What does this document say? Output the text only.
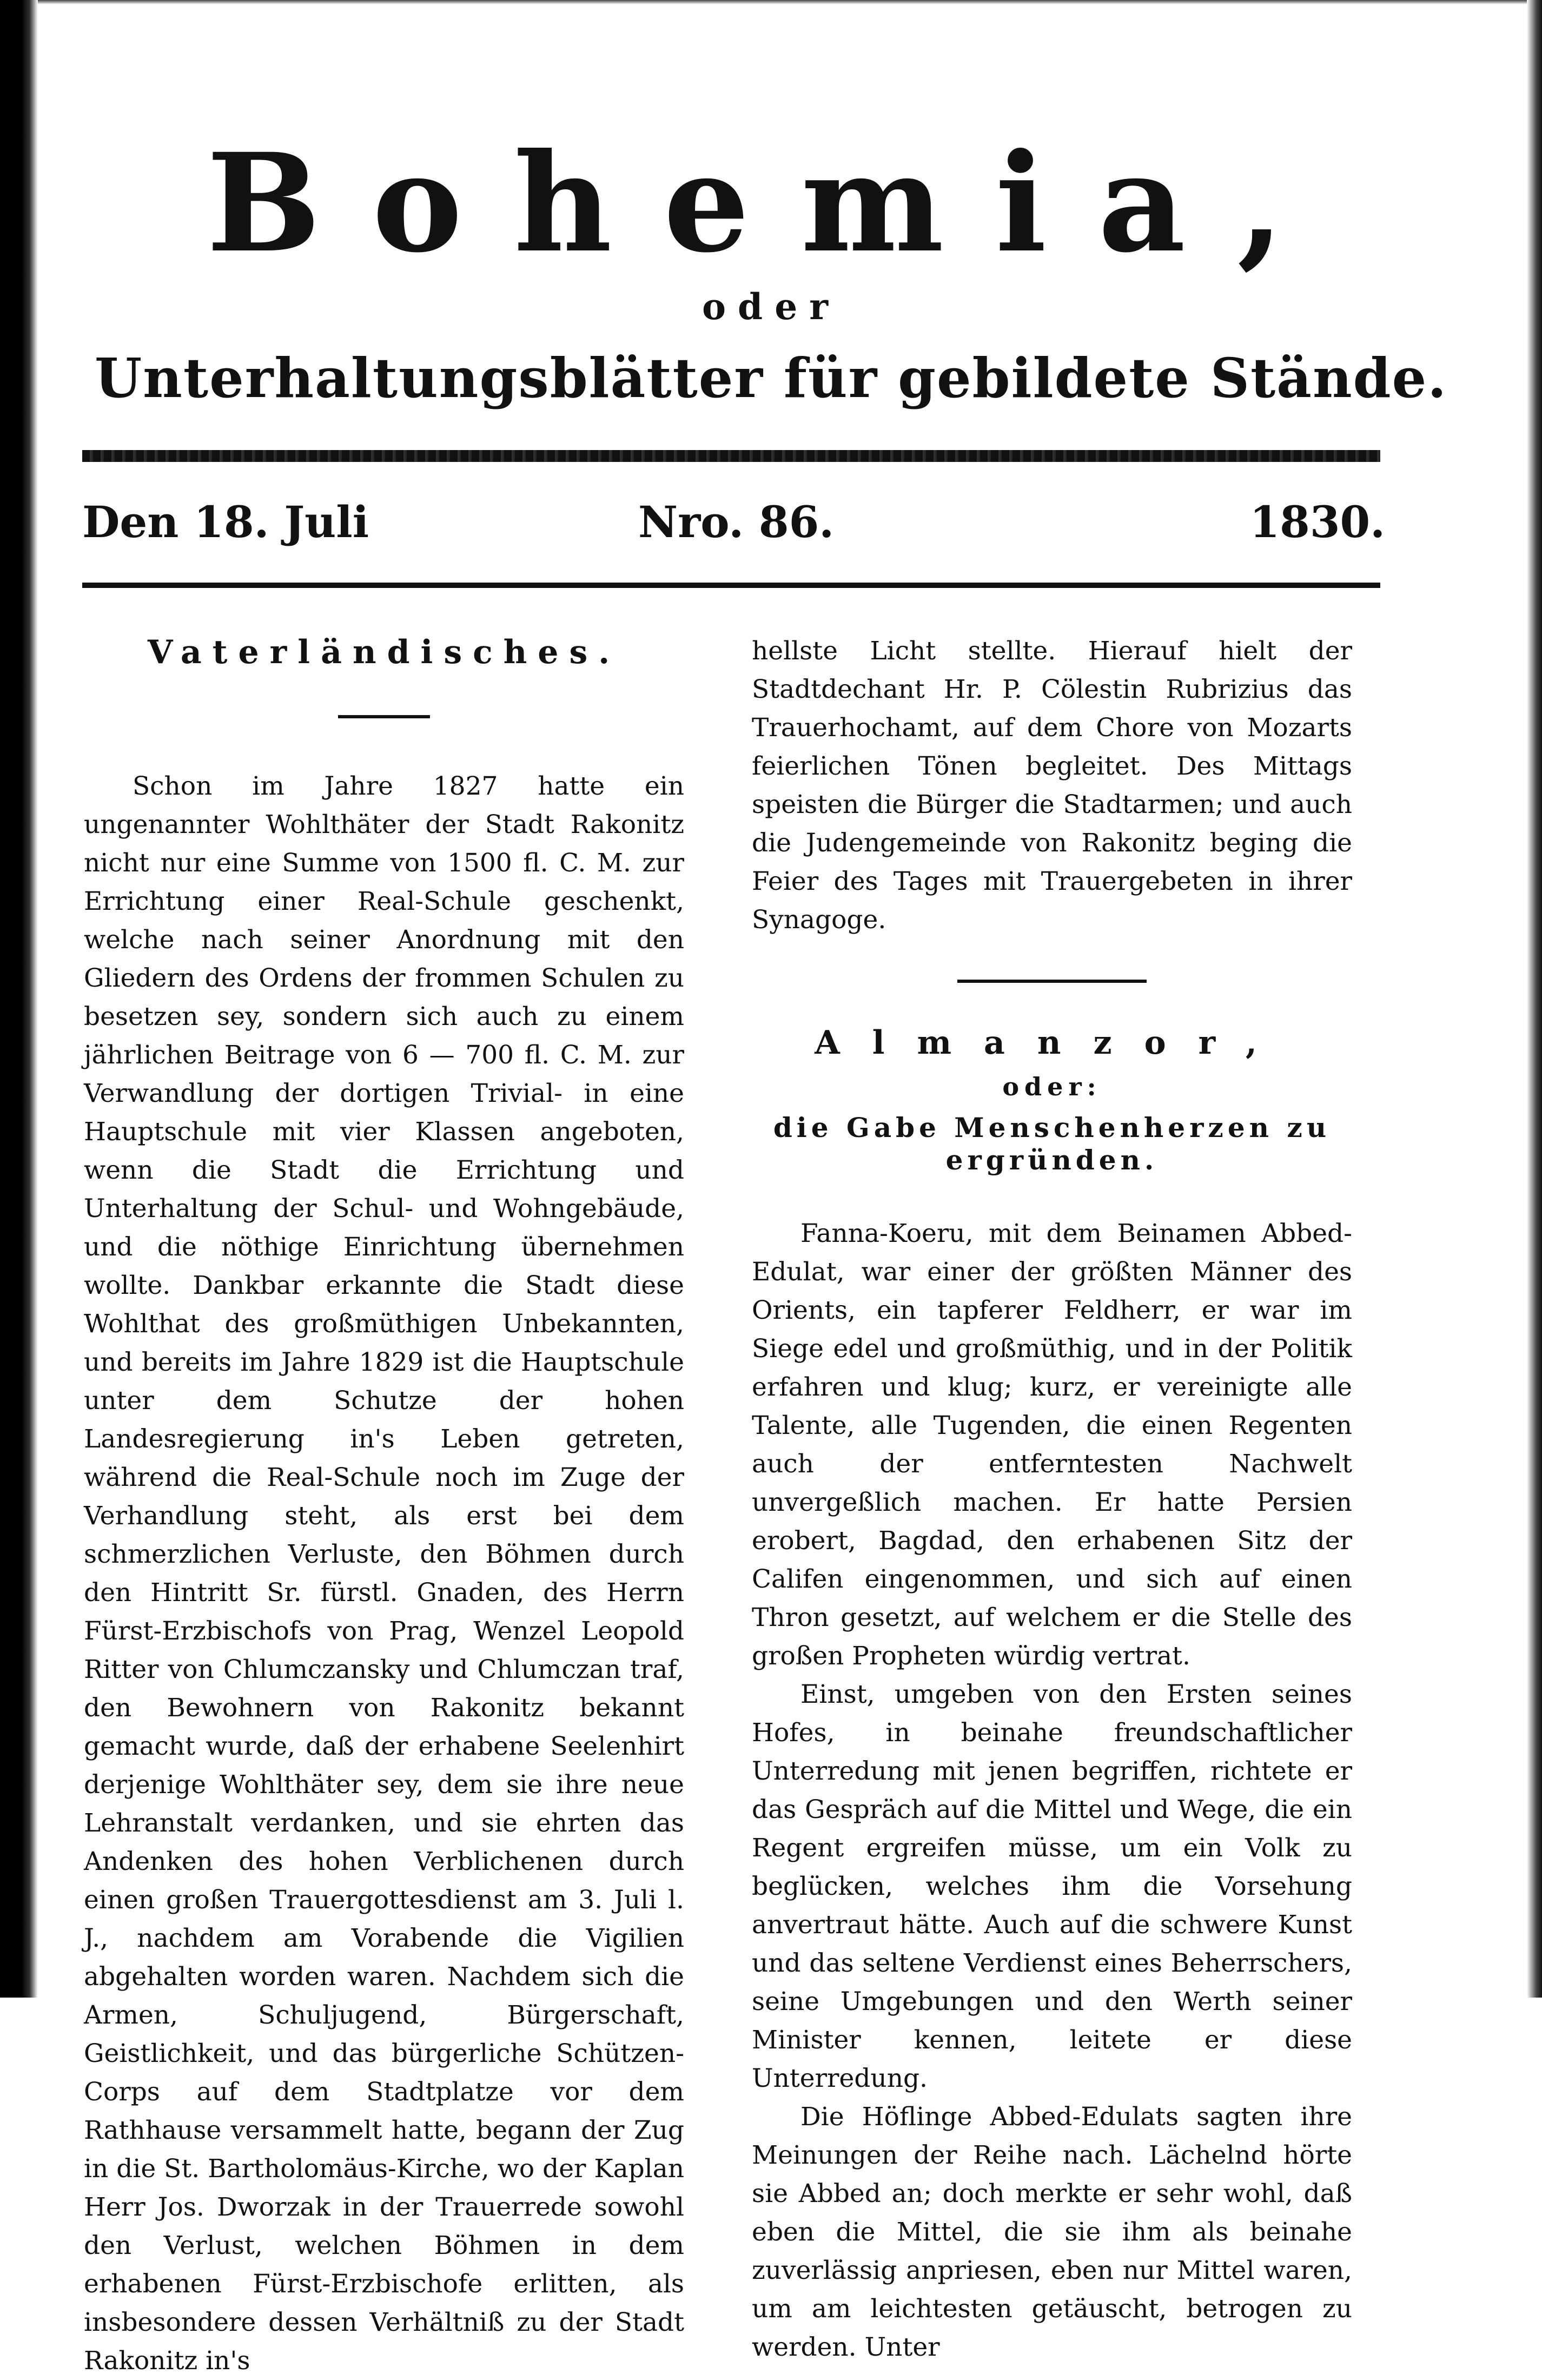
Bohemia,
oder
Unterhaltungsblätter für gebildete Stände.
Den 18. Juli	Nro. 86.	1830.

Vaterländisches.

Schon im Jahre 1827 hatte ein ungenannter Wohlthäter der Stadt Rakonitz nicht nur eine Summe von 1500 fl. C. M. zur Errichtung einer Real-Schule geschenkt, welche nach seiner Anordnung mit den Gliedern des Ordens der frommen Schulen zu besetzen sey, sondern sich auch zu einem jährlichen Beitrage von 6 — 700 fl. C. M. zur Verwandlung der dortigen Trivial- in eine Hauptschule mit vier Klassen angeboten, wenn die Stadt die Errichtung und Unterhaltung der Schul- und Wohngebäude, und die nöthige Einrichtung übernehmen wollte. Dankbar erkannte die Stadt diese Wohlthat des großmüthigen Unbekannten, und bereits im Jahre 1829 ist die Hauptschule unter dem Schutze der hohen Landesregierung in's Leben getreten, während die Real-Schule noch im Zuge der Verhandlung steht, als erst bei dem schmerzlichen Verluste, den Böhmen durch den Hintritt Sr. fürstl. Gnaden, des Herrn Fürst-Erzbischofs von Prag, Wenzel Leopold Ritter von Chlumczansky und Chlumczan traf, den Bewohnern von Rakonitz bekannt gemacht wurde, daß der erhabene Seelenhirt derjenige Wohlthäter sey, dem sie ihre neue Lehranstalt verdanken, und sie ehrten das Andenken des hohen Verblichenen durch einen großen Trauergottesdienst am 3. Juli l. J., nachdem am Vorabende die Vigilien abgehalten worden waren. Nachdem sich die Armen, Schuljugend, Bürgerschaft, Geistlichkeit, und das bürgerliche Schützen-Corps auf dem Stadtplatze vor dem Rathhause versammelt hatte, begann der Zug in die St. Bartholomäus-Kirche, wo der Kaplan Herr Jos. Dworzak in der Trauerrede sowohl den Verlust, welchen Böhmen in dem erhabenen Fürst-Erzbischofe erlitten, als insbesondere dessen Verhältniß zu der Stadt Rakonitz in's

hellste Licht stellte. Hierauf hielt der Stadtdechant Hr. P. Cölestin Rubrizius das Trauerhochamt, auf dem Chore von Mozarts feierlichen Tönen begleitet. Des Mittags speisten die Bürger die Stadtarmen; und auch die Judengemeinde von Rakonitz beging die Feier des Tages mit Trauergebeten in ihrer Synagoge.

Almanzor,

oder:

die Gabe Menschenherzen zu ergründen.

Fanna-Koeru, mit dem Beinamen Abbed-Edulat, war einer der größten Männer des Orients, ein tapferer Feldherr, er war im Siege edel und großmüthig, und in der Politik erfahren und klug; kurz, er vereinigte alle Talente, alle Tugenden, die einen Regenten auch der entferntesten Nachwelt unvergeßlich machen. Er hatte Persien erobert, Bagdad, den erhabenen Sitz der Califen eingenommen, und sich auf einen Thron gesetzt, auf welchem er die Stelle des großen Propheten würdig vertrat.

Einst, umgeben von den Ersten seines Hofes, in beinahe freundschaftlicher Unterredung mit jenen begriffen, richtete er das Gespräch auf die Mittel und Wege, die ein Regent ergreifen müsse, um ein Volk zu beglücken, welches ihm die Vorsehung anvertraut hätte. Auch auf die schwere Kunst und das seltene Verdienst eines Beherrschers, seine Umgebungen und den Werth seiner Minister kennen, leitete er diese Unterredung.

Die Höflinge Abbed-Edulats sagten ihre Meinungen der Reihe nach. Lächelnd hörte sie Abbed an; doch merkte er sehr wohl, daß eben die Mittel, die sie ihm als beinahe zuverlässig anpriesen, eben nur Mittel waren, um am leichtesten getäuscht, betrogen zu werden. Unter
